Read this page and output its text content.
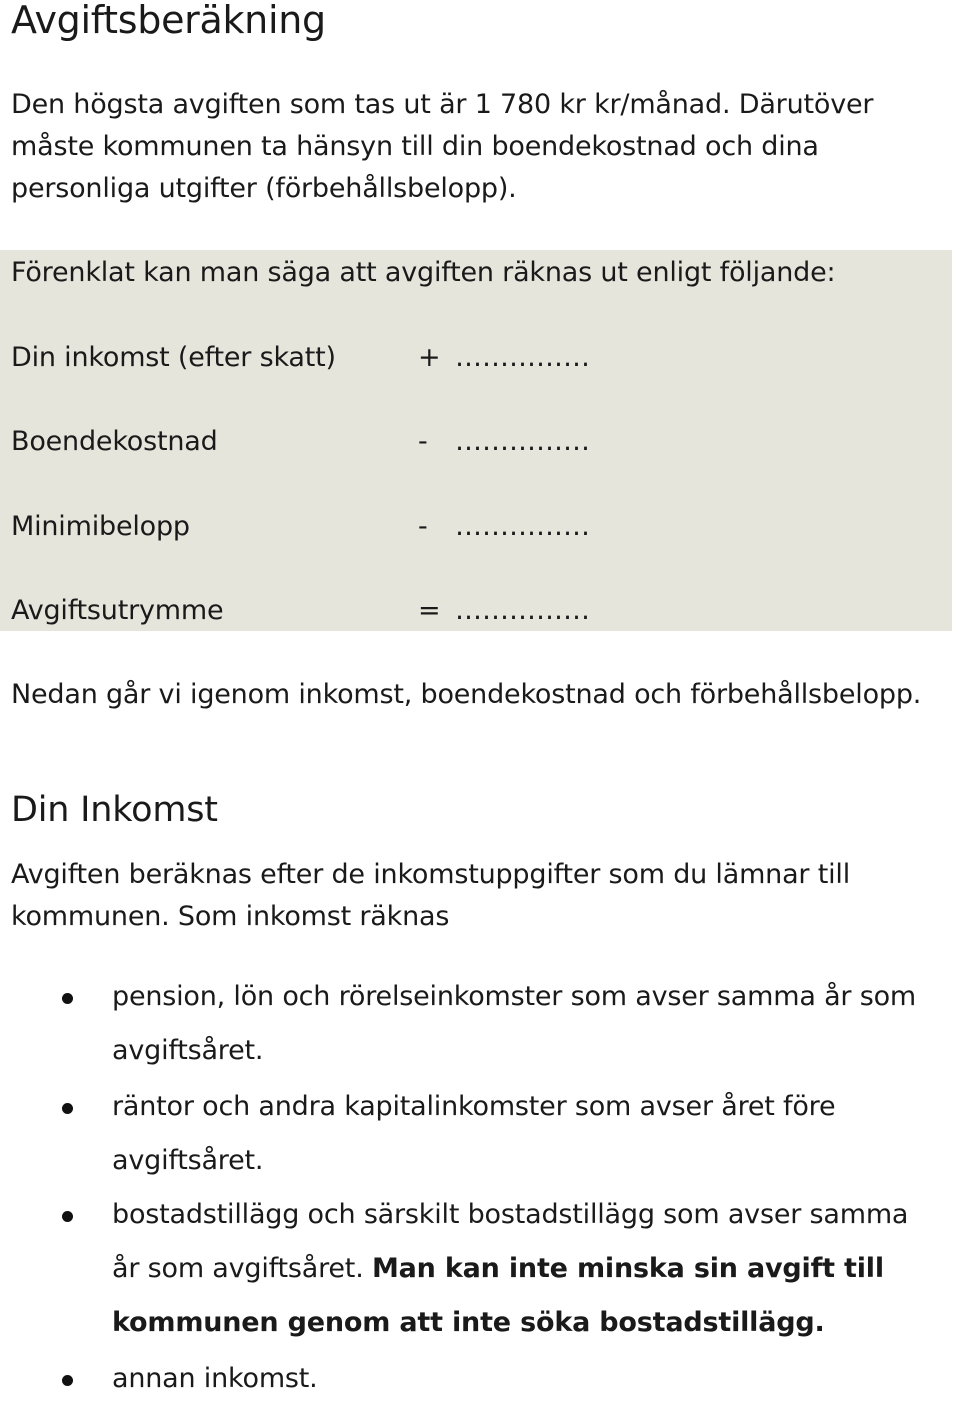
Avgiftsberäkning

Den högsta avgiften som tas ut är 1 780 kr kr/månad. Därutöver måste kommunen ta hänsyn till din boendekostnad och dina personliga utgifter (förbehållsbelopp).

Förenklat kan man säga att avgiften räknas ut enligt följande:
Din inkomst (efter skatt)	+ ……………
Boendekostnad	-	……………
Minimibelopp	-	……………
Avgiftsutrymme	= ……………

Nedan går vi igenom inkomst, boendekostnad och förbehållsbelopp.

Din Inkomst

Avgiften beräknas efter de inkomstuppgifter som du lämnar till kommunen. Som inkomst räknas

pension, lön och rörelseinkomster som avser samma år som avgiftsåret.
räntor och andra kapitalinkomster som avser året före avgiftsåret.
bostadstillägg och särskilt bostadstillägg som avser samma år som avgiftsåret. Man kan inte minska sin avgift till kommunen genom att inte söka bostadstillägg.
annan inkomst.
